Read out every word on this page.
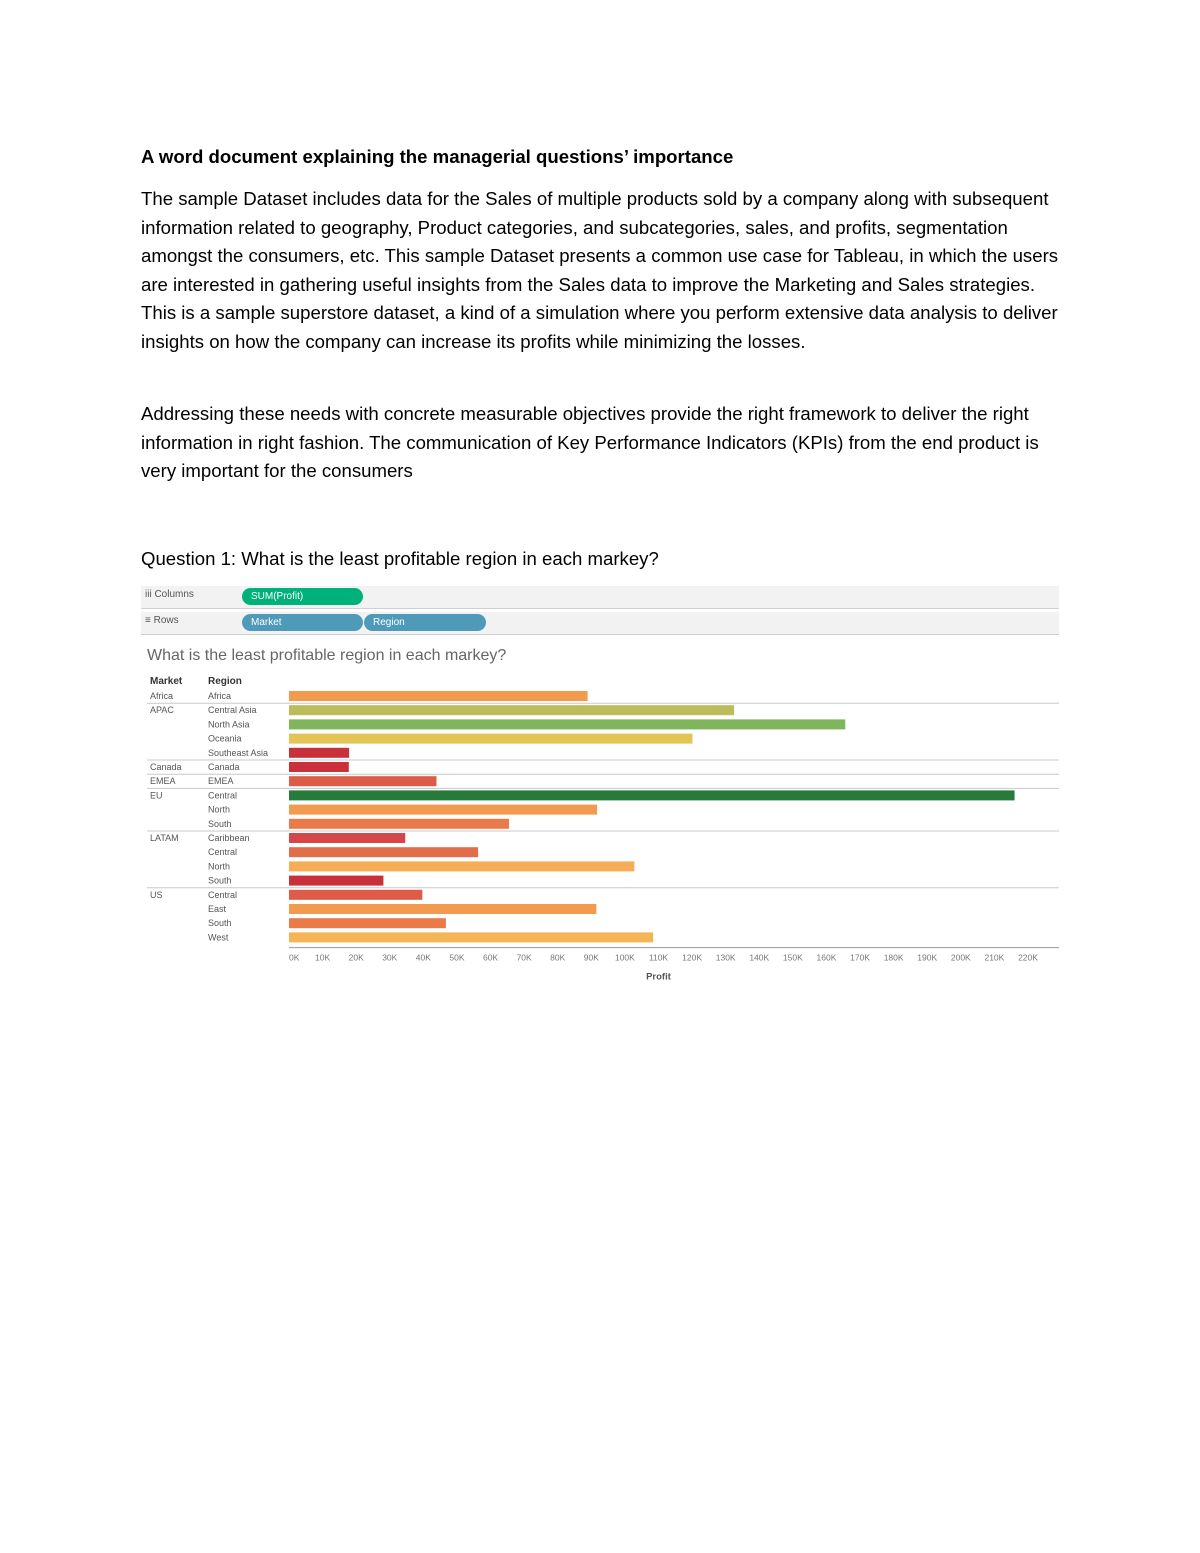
A word document explaining the managerial questions’ importance
The sample Dataset includes data for the Sales of multiple products sold by a company along with subsequent information related to geography, Product categories, and subcategories, sales, and profits, segmentation amongst the consumers, etc. This sample Dataset presents a common use case for Tableau, in which the users are interested in gathering useful insights from the Sales data to improve the Marketing and Sales strategies. This is a sample superstore dataset, a kind of a simulation where you perform extensive data analysis to deliver insights on how the company can increase its profits while minimizing the losses.
Addressing these needs with concrete measurable objectives provide the right framework to deliver the right information in right fashion. The communication of Key Performance Indicators (KPIs) from the end product is very important for the consumers
Question 1: What is the least profitable region in each markey?
iii Columns	SUM(Profit)
≡ Rows	Market	Region
What is the least profitable region in each markey?
Market	Region
Africa	Africa
APAC	Central Asia
North Asia
Oceania
Southeast Asia
Canada	Canada
EMEA	EMEA
EU	Central
North
South
LATAM	Caribbean
Central
North
South
US	Central
East
South
West
0K 10K 20K 30K 40K 50K 60K 70K 80K 90K 100K 110K 120K 130K 140K 150K 160K 170K 180K 190K 200K 210K 220K
Profit
